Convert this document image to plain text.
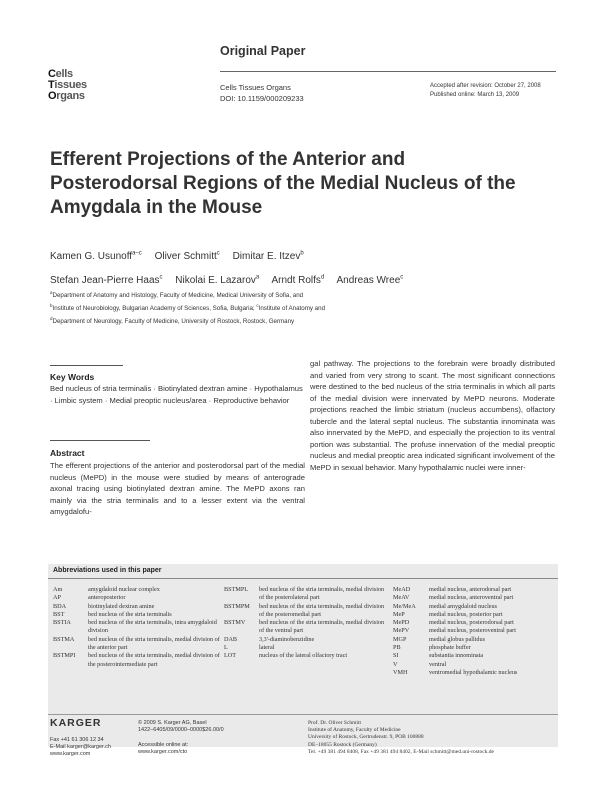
Original Paper
Cells
Tissues
Organs
Cells Tissues Organs
DOI: 10.1159/000209233
Accepted after revision: October 27, 2008
Published online: March 13, 2009
Efferent Projections of the Anterior and Posterodorsal Regions of the Medial Nucleus of the Amygdala in the Mouse
Kamen G. Usunoff$^{a-c}$ Oliver Schmitt$^c$ Dimitar E. Itzev$^b$
Stefan Jean-Pierre Haas$^c$ Nikolai E. Lazarov$^a$ Arndt Rolfs$^d$ Andreas Wree$^c$
$^a$Department of Anatomy and Histology, Faculty of Medicine, Medical University of Sofia, and
$^b$Institute of Neurobiology, Bulgarian Academy of Sciences, Sofia, Bulgaria; $^c$Institute of Anatomy and
$^d$Department of Neurology, Faculty of Medicine, University of Rostock, Rostock, Germany
Key Words
Bed nucleus of stria terminalis · Biotinylated dextran amine · Hypothalamus · Limbic system · Medial preoptic nucleus/area · Reproductive behavior
Abstract
The efferent projections of the anterior and posterodorsal part of the medial nucleus (MePD) in the mouse were studied by means of anterograde axonal tracing using biotinylated dextran amine. The MePD axons ran mainly via the stria terminalis and to a lesser extent via the ventral amygdalofu-
gal pathway. The projections to the forebrain were broadly distributed and varied from very strong to scant. The most significant connections were destined to the bed nucleus of the stria terminalis in which all parts of the medial division were innervated by MePD neurons. Moderate projections reached the limbic striatum (nucleus accumbens), olfactory tubercle and the lateral septal nucleus. The substantia innominata was also innervated by the MePD, and especially the projection to its ventral portion was substantial. The profuse innervation of the medial preoptic nucleus and medial preoptic area indicated significant involvement of the MePD in sexual behavior. Many hypothalamic nuclei were inner-
Abbreviations used in this paper
Am	amygdaloid nuclear complex
AP	anteroposterior
BDA	biotinylated dextran amine
BST	bed nucleus of the stria terminalis
BSTIA	bed nucleus of the stria terminalis, intra amygdaloid division
BSTMA	bed nucleus of the stria terminalis, medial division of the anterior part
BSTMPI	bed nucleus of the stria terminalis, medial division of the posterointermediate part
BSTMPL	bed nucleus of the stria terminalis, medial division of the posterolateral part
BSTMPM	bed nucleus of the stria terminalis, medial division of the posteromedial part
BSTMV	bed nucleus of the stria terminalis, medial division of the ventral part
DAB	3,3'-diaminobenzidine
L	lateral
LOT	nucleus of the lateral olfactory tract
MeAD	medial nucleus, anterodorsal part
MeAV	medial nucleus, anteroventral part
Me/MeA	medial amygdaloid nucleus
MeP	medial nucleus, posterior part
MePD	medial nucleus, posterodorsal part
MePV	medial nucleus, posteroventral part
MGP	medial globus pallidus
PB	phosphate buffer
SI	substantia innominata
V	ventral
VMH	ventromedial hypothalamic nucleus
KARGER
Fax +41 61 306 12 34
E-Mail karger@karger.ch
www.karger.com
© 2009 S. Karger AG, Basel
1422–6405/09/0000–0000$26.00/0

Accessible online at:
www.karger.com/cto
Prof. Dr. Oliver Schmitt
Institute of Anatomy, Faculty of Medicine
University of Rostock, Gertrudenstr. 9, POB 100888
DE–18055 Rostock (Germany)
Tel. +49 381 494 8408, Fax +49 381 494 8402, E-Mail schmitt@med.uni-rostock.de
